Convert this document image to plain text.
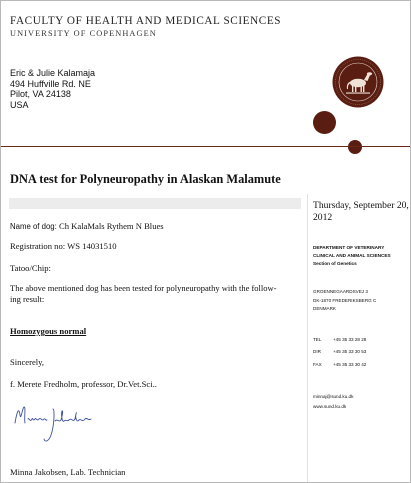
FACULTY OF HEALTH AND MEDICAL SCIENCES
UNIVERSITY OF COPENHAGEN
Eric & Julie Kalamaja
494 Huffville Rd. NE
Pilot, VA 24138
USA
DNA test for Polyneuropathy in Alaskan Malamute
Name of dog: Ch KalaMals Rythem N Blues
Registration no: WS 14031510
Tatoo/Chip:
The above mentioned dog has been tested for polyneuropathy with the follow-
ing result:
Homozygous normal
Sincerely,
f. Merete Fredholm, professor, Dr.Vet.Sci..
Minna Jakobsen, Lab. Technician
Thursday, September 20,
2012
DEPARTMENT OF VETERINARY
CLINICAL AND ANIMAL SCIENCES
Section of Genetics
GROENNEGAARDSVEJ 3
DK-1870 FREDERIKSBERG C
DENMARK
TEL	+45 35 33 28 28
DIR	+45 35 33 30 53
FAX +45 35 33 30 42
minnaj@sund.ku.dk
www.sund.ku.dk
